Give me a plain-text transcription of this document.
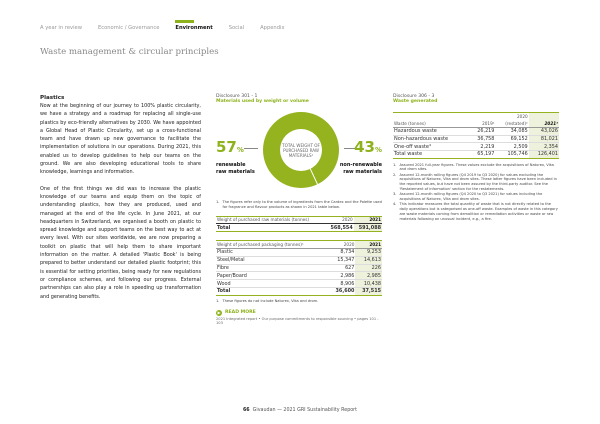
A year in review	Economic / Governance	Environment	Social	Appendix
Waste management & circular principles
Plastics

Now at the beginning of our journey to 100% plastic circularity, we have a strategy and a roadmap for replacing all single-use plastics by eco-friendly alternatives by 2030. We have appointed a Global Head of Plastic Circularity, set up a cross-functional team and have drawn up new governance to facilitate the implementation of solutions in our operations. During 2021, this enabled us to develop guidelines to help our teams on the ground. We are also developing educational tools to share knowledge, learnings and information.

One of the first things we did was to increase the plastic knowledge of our teams and equip them on the topic of understanding plastics, how they are produced, used and managed at the end of the life cycle. In June 2021, at our headquarters in Switzerland, we organised a booth on plastic to spread knowledge and support teams on the best way to act at every level. With our sites worldwide, we are now preparing a toolkit on plastic that will help them to share important information on the matter. A detailed 'Plastic Book' is being prepared to better understand our detailed plastic footprint; this is essential for setting priorities, being ready for new regulations or compliance schemes, and following our progress. External partnerships can also play a role in speeding up transformation and generating benefits.

Disclosure 301 - 1
Materials used by weight or volume
57%
TOTAL WEIGHT OF PURCHASED RAW MATERIALS¹	43%
renewable
raw materials
non-renewable
raw materials
1. The figures refer only to the volume of ingredients from the Cardex and the Palette used for fragrance and flavour products as shown in 2021 table below.
Weight of purchased raw materials (tonnes)	2020	2021
Total	568,554	591,088
Weight of purchased packaging (tonnes)¹	2020	2021
Plastic	8,734	9,253
Steel/Metal	15,347	14,613
Fibre	627	226
Paper/Board	2,986	2,985
Wood	8,906	10,438
Total	36,600	37,515
1. These figures do not include Naturex, Vika and drom.
▶ READ MORE
2021 Integrated report • Our purpose commitments to responsible sourcing • pages 101 - 103
Disclosure 306 - 3
Waste generated
		2020	
Waste (tonnes)	2019¹	(restated)²	2021³
Hazardous waste	26,219	34,085	43,026
Non-hazardous waste	36,758	69,152	81,021
One-off waste⁴	2,219	2,509	2,354
Total waste	65,197	105,746	126,401
1. Assured 2021 full-year figures. These values exclude the acquisitions of Naturex, Vika and drom sites.
2. Assured 12-month rolling figures (Q4 2019 to Q3 2020) for values excluding the acquisitions of Naturex, Vika and drom sites. These latter figures have been included in the reported values, but have not been assured by the third-party auditor. See the 'Restatement of information' section for the restatements.
3. Assured 12-month rolling figures (Q4 2020 to Q3 2021) for values including the acquisitions of Naturex, Vika and drom sites.
4. This indicator measures the total quantity of waste that is not directly related to the daily operations but is categorised as one-off waste. Examples of waste in this category are waste materials coming from demolition or remediation activities or waste or raw materials following an unusual incident, e.g., a fire.
66 Givaudan — 2021 GRI Sustainability Report
